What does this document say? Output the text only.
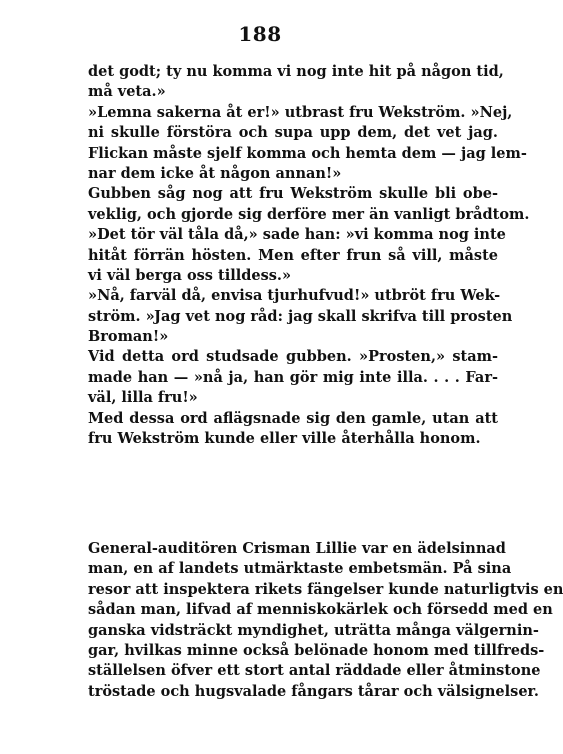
188
det godt; ty nu komma vi nog inte hit på någon tid,
må veta.»
»Lemna sakerna åt er!» utbrast fru Wekström. »Nej,
ni skulle förstöra och supa upp dem, det vet jag.
Flickan måste sjelf komma och hemta dem — jag lem-
nar dem icke åt någon annan!»
Gubben såg nog att fru Wekström skulle bli obe-
veklig, och gjorde sig derföre mer än vanligt brådtom.
»Det tör väl tåla då,» sade han: »vi komma nog inte
hitåt förrän hösten. Men efter frun så vill, måste
vi väl berga oss tilldess.»
»Nå, farväl då, envisa tjurhufvud!» utbröt fru Wek-
ström. »Jag vet nog råd: jag skall skrifva till prosten
Broman!»
Vid detta ord studsade gubben. »Prosten,» stam-
made han — »nå ja, han gör mig inte illa. . . . Far-
väl, lilla fru!»
Med dessa ord aflägsnade sig den gamle, utan att
fru Wekström kunde eller ville återhålla honom.
General-auditören Crisman Lillie var en ädelsinnad
man, en af landets utmärktaste embetsmän. På sina
resor att inspektera rikets fängelser kunde naturligtvis en
sådan man, lifvad af menniskokärlek och försedd med en
ganska vidsträckt myndighet, uträtta många välgernin-
gar, hvilkas minne också belönade honom med tillfreds-
ställelsen öfver ett stort antal räddade eller åtminstone
tröstade och hugsvalade fångars tårar och välsignelser.
